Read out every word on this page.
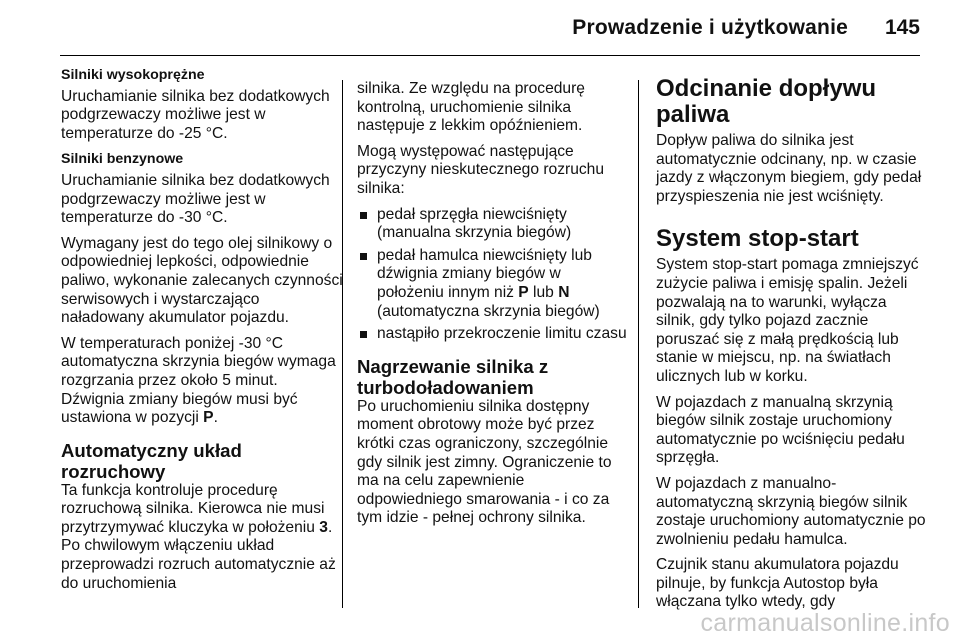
Prowadzenie i użytkowanie 145
Silniki wysokoprężne

Uruchamianie silnika bez dodatkowych podgrzewaczy możliwe jest w temperaturze do -25 °C.

Silniki benzynowe

Uruchamianie silnika bez dodatkowych podgrzewaczy możliwe jest w temperaturze do -30 °C.

Wymagany jest do tego olej silnikowy o odpowiedniej lepkości, odpowiednie paliwo, wykonanie zalecanych czynności serwisowych i wystarczająco naładowany akumulator pojazdu.

W temperaturach poniżej -30 °C automatyczna skrzynia biegów wymaga rozgrzania przez około 5 minut. Dźwignia zmiany biegów musi być ustawiona w pozycji P.

Automatyczny układ rozruchowy

Ta funkcja kontroluje procedurę rozruchową silnika. Kierowca nie musi przytrzymywać kluczyka w położeniu 3. Po chwilowym włączeniu układ przeprowadzi rozruch automatycznie aż do uruchomienia

silnika. Ze względu na procedurę kontrolną, uruchomienie silnika następuje z lekkim opóźnieniem.

Mogą występować następujące przyczyny nieskutecznego rozruchu silnika:

pedał sprzęgła niewciśnięty (manualna skrzynia biegów)
pedał hamulca niewciśnięty lub dźwignia zmiany biegów w położeniu innym niż P lub N (automatyczna skrzynia biegów)
nastąpiło przekroczenie limitu czasu
Nagrzewanie silnika z turbodoładowaniem

Po uruchomieniu silnika dostępny moment obrotowy może być przez krótki czas ograniczony, szczególnie gdy silnik jest zimny. Ograniczenie to ma na celu zapewnienie odpowiedniego smarowania - i co za tym idzie - pełnej ochrony silnika.

Odcinanie dopływu paliwa

Dopływ paliwa do silnika jest automatycznie odcinany, np. w czasie jazdy z włączonym biegiem, gdy pedał przyspieszenia nie jest wciśnięty.

System stop-start

System stop-start pomaga zmniejszyć zużycie paliwa i emisję spalin. Jeżeli pozwalają na to warunki, wyłącza silnik, gdy tylko pojazd zacznie poruszać się z małą prędkością lub stanie w miejscu, np. na światłach ulicznych lub w korku.

W pojazdach z manualną skrzynią biegów silnik zostaje uruchomiony automatycznie po wciśnięciu pedału sprzęgła.

W pojazdach z manualno-automatyczną skrzynią biegów silnik zostaje uruchomiony automatycznie po zwolnieniu pedału hamulca.

Czujnik stanu akumulatora pojazdu pilnuje, by funkcja Autostop była włączana tylko wtedy, gdy

carmanualsonline.info
